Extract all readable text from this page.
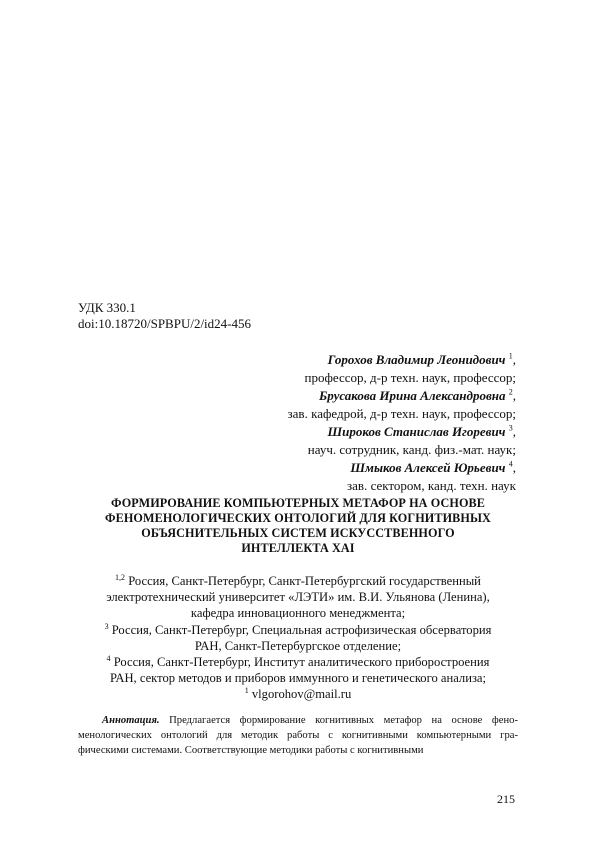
УДК 330.1
doi:10.18720/SPBPU/2/id24-456
Горохов Владимир Леонидович $^1$,
профессор, д-р техн. наук, профессор;
Брусакова Ирина Александровна $^2$,
зав. кафедрой, д-р техн. наук, профессор;
Широков Станислав Игоревич $^3$,
науч. сотрудник, канд. физ.-мат. наук;
Шмыков Алексей Юрьевич $^4$,
зав. сектором, канд. техн. наук
ФОРМИРОВАНИЕ КОМПЬЮТЕРНЫХ МЕТАФОР НА ОСНОВЕ
ФЕНОМЕНОЛОГИЧЕСКИХ ОНТОЛОГИЙ ДЛЯ КОГНИТИВНЫХ
ОБЪЯСНИТЕЛЬНЫХ СИСТЕМ ИСКУССТВЕННОГО
ИНТЕЛЛЕКТА XAI
$^{1,2}$ Россия, Санкт-Петербург, Санкт-Петербургский государственный
электротехнический университет «ЛЭТИ» им. В.И. Ульянова (Ленина),
кафедра инновационного менеджмента;
$^3$ Россия, Санкт-Петербург, Специальная астрофизическая обсерватория
РАН, Санкт-Петербургское отделение;
$^4$ Россия, Санкт-Петербург, Институт аналитического приборостроения
РАН, сектор методов и приборов иммунного и генетического анализа;
$^1$ vlgorohov@mail.ru
Аннотация. Предлагается формирование когнитивных метафор на основе фено- менологических онтологий для методик работы с когнитивными компьютерными гра- фическими системами. Соответствующие методики работы с когнитивными
215
